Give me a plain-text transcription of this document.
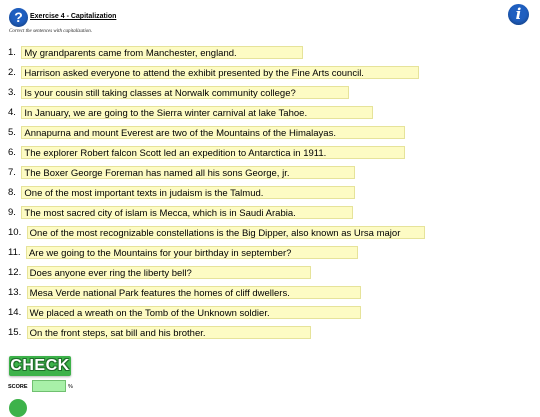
?	Exercise 4 - Capitalization
Correct the sentences with capitalization.
i
1. My grandparents came from Manchester, england.
2. Harrison asked everyone to attend the exhibit presented by the Fine Arts council.
3. Is your cousin still taking classes at Norwalk community college?
4. In January, we are going to the Sierra winter carnival at lake Tahoe.
5. Annapurna and mount Everest are two of the Mountains of the Himalayas.
6. The explorer Robert falcon Scott led an expedition to Antarctica in 1911.
7. The Boxer George Foreman has named all his sons George, jr.
8. One of the most important texts in judaism is the Talmud.
9. The most sacred city of islam is Mecca, which is in Saudi Arabia.
10. One of the most recognizable constellations is the Big Dipper, also known as Ursa major
11. Are we going to the Mountains for your birthday in september?
12. Does anyone ever ring the liberty bell?
13. Mesa Verde national Park features the homes of cliff dwellers.
14. We placed a wreath on the Tomb of the Unknown soldier.
15. On the front steps, sat bill and his brother.
CHECK
SCORE	%
